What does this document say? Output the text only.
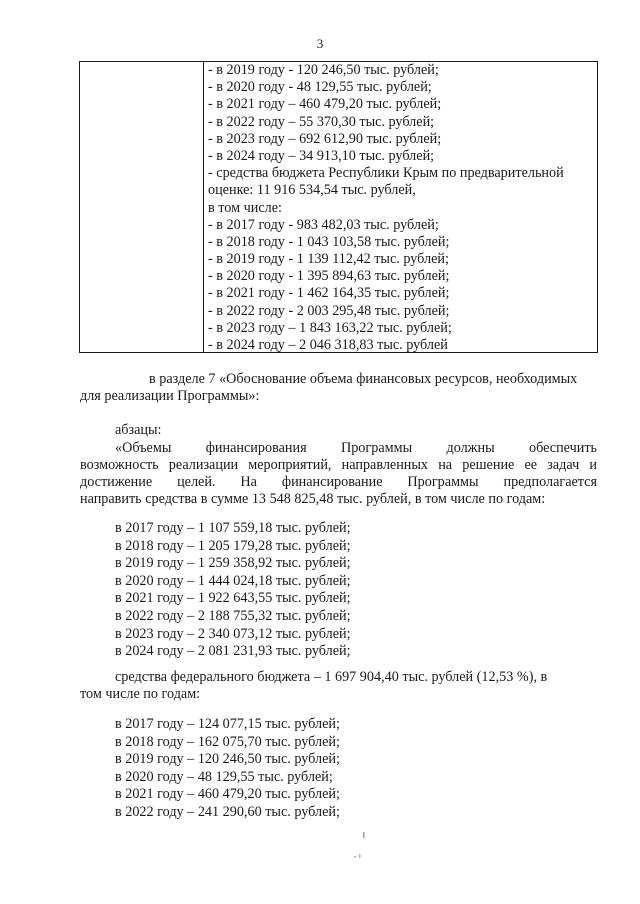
3
- в 2019 году - 120 246,50 тыс. рублей;
- в 2020 году - 48 129,55 тыс. рублей;
- в 2021 году – 460 479,20 тыс. рублей;
- в 2022 году – 55 370,30 тыс. рублей;
- в 2023 году – 692 612,90 тыс. рублей;
- в 2024 году – 34 913,10 тыс. рублей;
- средства бюджета Республики Крым по предварительной
оценке: 11 916 534,54 тыс. рублей,
в том числе:
- в 2017 году - 983 482,03 тыс. рублей;
- в 2018 году - 1 043 103,58 тыс. рублей;
- в 2019 году - 1 139 112,42 тыс. рублей;
- в 2020 году - 1 395 894,63 тыс. рублей;
- в 2021 году - 1 462 164,35 тыс. рублей;
- в 2022 году - 2 003 295,48 тыс. рублей;
- в 2023 году – 1 843 163,22 тыс. рублей;
- в 2024 году – 2 046 318,83 тыс. рублей
в разделе 7 «Обоснование объема финансовых ресурсов, необходимых
для реализации Программы»:
абзацы:
«Объемы финансирования Программы должны обеспечить
возможность реализации мероприятий, направленных на решение ее задач и
достижение целей. На финансирование Программы предполагается
направить средства в сумме 13 548 825,48 тыс. рублей, в том числе по годам:
в 2017 году – 1 107 559,18 тыс. рублей;
в 2018 году – 1 205 179,28 тыс. рублей;
в 2019 году – 1 259 358,92 тыс. рублей;
в 2020 году – 1 444 024,18 тыс. рублей;
в 2021 году – 1 922 643,55 тыс. рублей;
в 2022 году – 2 188 755,32 тыс. рублей;
в 2023 году – 2 340 073,12 тыс. рублей;
в 2024 году – 2 081 231,93 тыс. рублей;
средства федерального бюджета – 1 697 904,40 тыс. рублей (12,53 %), в
том числе по годам:
в 2017 году – 124 077,15 тыс. рублей;
в 2018 году – 162 075,70 тыс. рублей;
в 2019 году – 120 246,50 тыс. рублей;
в 2020 году – 48 129,55 тыс. рублей;
в 2021 году – 460 479,20 тыс. рублей;
в 2022 году – 241 290,60 тыс. рублей;
